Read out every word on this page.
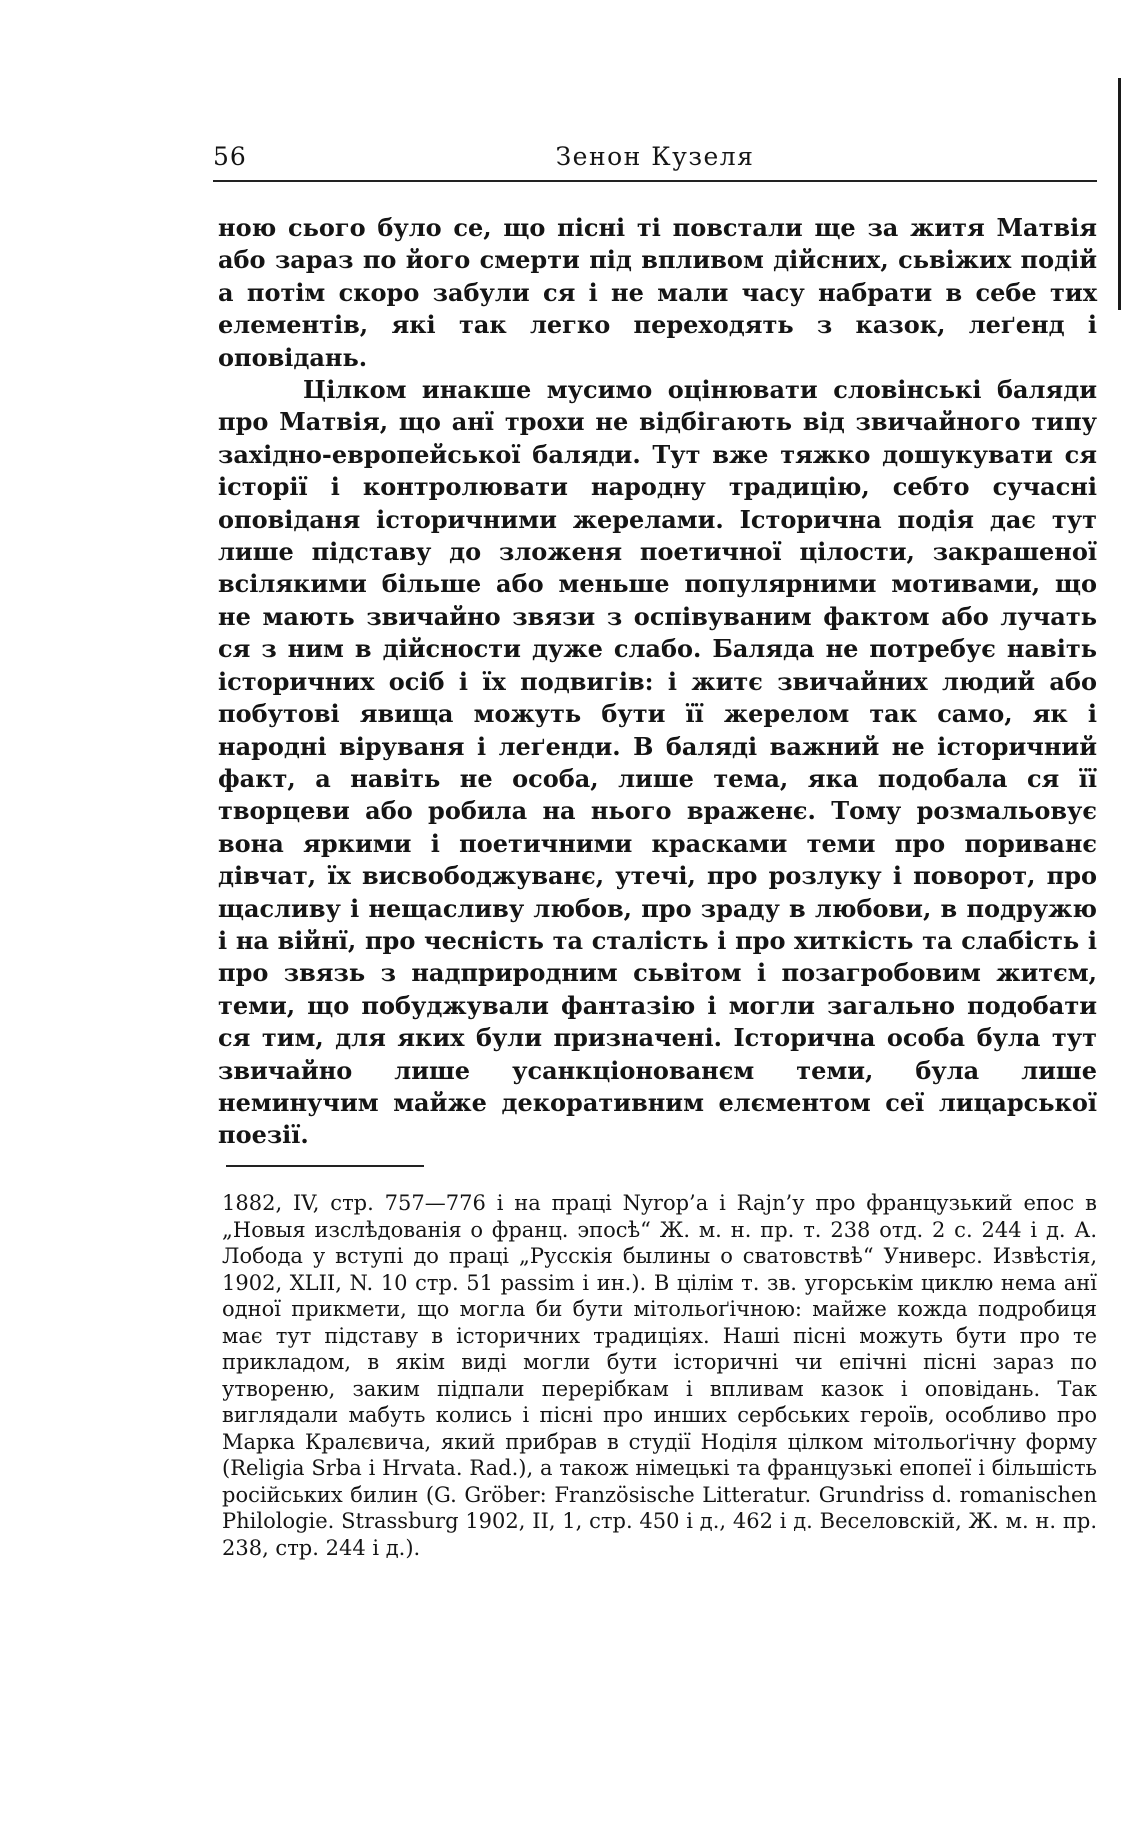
56	Зенон Кузеля

ною сього було се, що пісні ті повстали ще за житя Матвія або зараз по його смерти під впливом дійсних, сьвіжих подій а потім скоро забули ся і не мали часу набрати в себе тих елементів, які так легко переходять з казок, леґенд і оповідань.

Цілком инакше мусимо оцінювати словінські баляди про Матвія, що анї трохи не відбігають від звичайного типу західно-европейської баляди. Тут вже тяжко дошукувати ся історії і контролювати народну традицію, себто сучасні оповіданя історичними жерелами. Історична подія дає тут лише підставу до зложеня поетичної цілости, закрашеної всілякими більше або меньше популярними мотивами, що не мають звичайно звязи з оспівуваним фактом або лучать ся з ним в дійсности дуже слабо. Баляда не потребує навіть історичних осіб і їх подвигів: і житє звичайних людий або побутові явища можуть бути її жерелом так само, як і народні віруваня і леґенди. В баляді важний не історичний факт, а навіть не особа, лише тема, яка подобала ся її творцеви або робила на нього враженє. Тому розмальовує вона яркими і поетичними красками теми про пориванє дівчат, їх висвободжуванє, утечі, про розлуку і поворот, про щасливу і нещасливу любов, про зраду в любови, в подружю і на війнї, про чесність та сталість і про хиткість та слабість і про звязь з надприродним сьвітом і позагробовим житєм, теми, що побуджували фантазію і могли загально подобати ся тим, для яких були призначені. Історична особа була тут звичайно лише усанкціонованєм теми, була лише неминучим майже декоративним елєментом сеї лицарської поезії.

1882, IV, стр. 757—776 і на праці Nyrop’a i Rajn’у про французький епос в „Новыя изслѣдованія о франц. эпосѣ“ Ж. м. н. пр. т. 238 отд. 2 с. 244 і д. А. Лобода у вступі до праці „Русскія былины о сватовствѣ“ Универс. Извѣстія, 1902, XLII, N. 10 стр. 51 passim i ин.). В цілім т. зв. угорськім циклю нема анї одної прикмети, що могла би бути мітольоґічною: майже кожда подробиця має тут підставу в історичних традиціях. Наші пісні можуть бути про те прикладом, в якім виді могли бути історичні чи епічні пісні зараз по утвореню, заким підпали перерібкам і впливам казок і оповідань. Так виглядали мабуть колись і пісні про инших сербських героїв, особливо про Марка Кралєвича, який прибрав в студії Ноділя цілком мітольоґічну форму (Religia Srba i Hrvata. Rad.), а також німецькі та французькі епопеї і більшість російських билин (G. Gröber: Französische Litteratur. Grundriss d. romanischen Philologie. Strassburg 1902, II, 1, стр. 450 і д., 462 і д. Веселовскій, Ж. м. н. пр. 238, стр. 244 і д.).
